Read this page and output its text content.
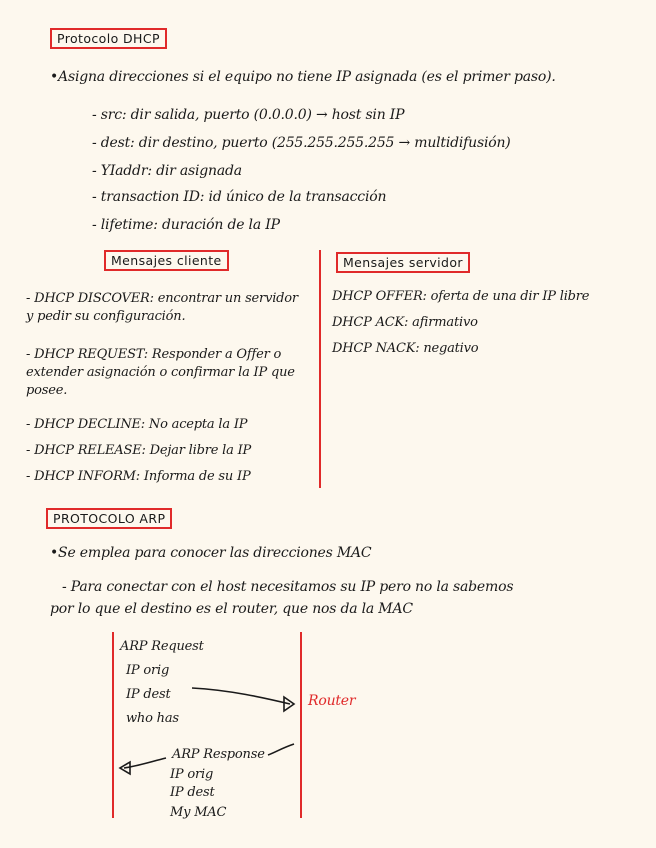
Protocolo DHCP
•Asigna direcciones si el equipo no tiene IP asignada (es el primer paso).
- src: dir salida, puerto (0.0.0.0) → host sin IP
- dest: dir destino, puerto (255.255.255.255 → multidifusión)
- YIaddr: dir asignada
- transaction ID: id único de la transacción
- lifetime: duración de la IP
Mensajes cliente	Mensajes servidor
- DHCP DISCOVER: encontrar un servidor y pedir su configuración.
- DHCP REQUEST: Responder a Offer o extender asignación o confirmar la IP que posee.
- DHCP DECLINE: No acepta la IP
- DHCP RELEASE: Dejar libre la IP
- DHCP INFORM: Informa de su IP
DHCP OFFER: oferta de una dir IP libre
DHCP ACK: afirmativo
DHCP NACK: negativo
PROTOCOLO ARP
•Se emplea para conocer las direcciones MAC
- Para conectar con el host necesitamos su IP pero no la sabemos
por lo que el destino es el router, que nos da la MAC
ARP Request
IP orig
IP dest
who has
Router
ARP Response
IP orig
IP dest
My MAC
